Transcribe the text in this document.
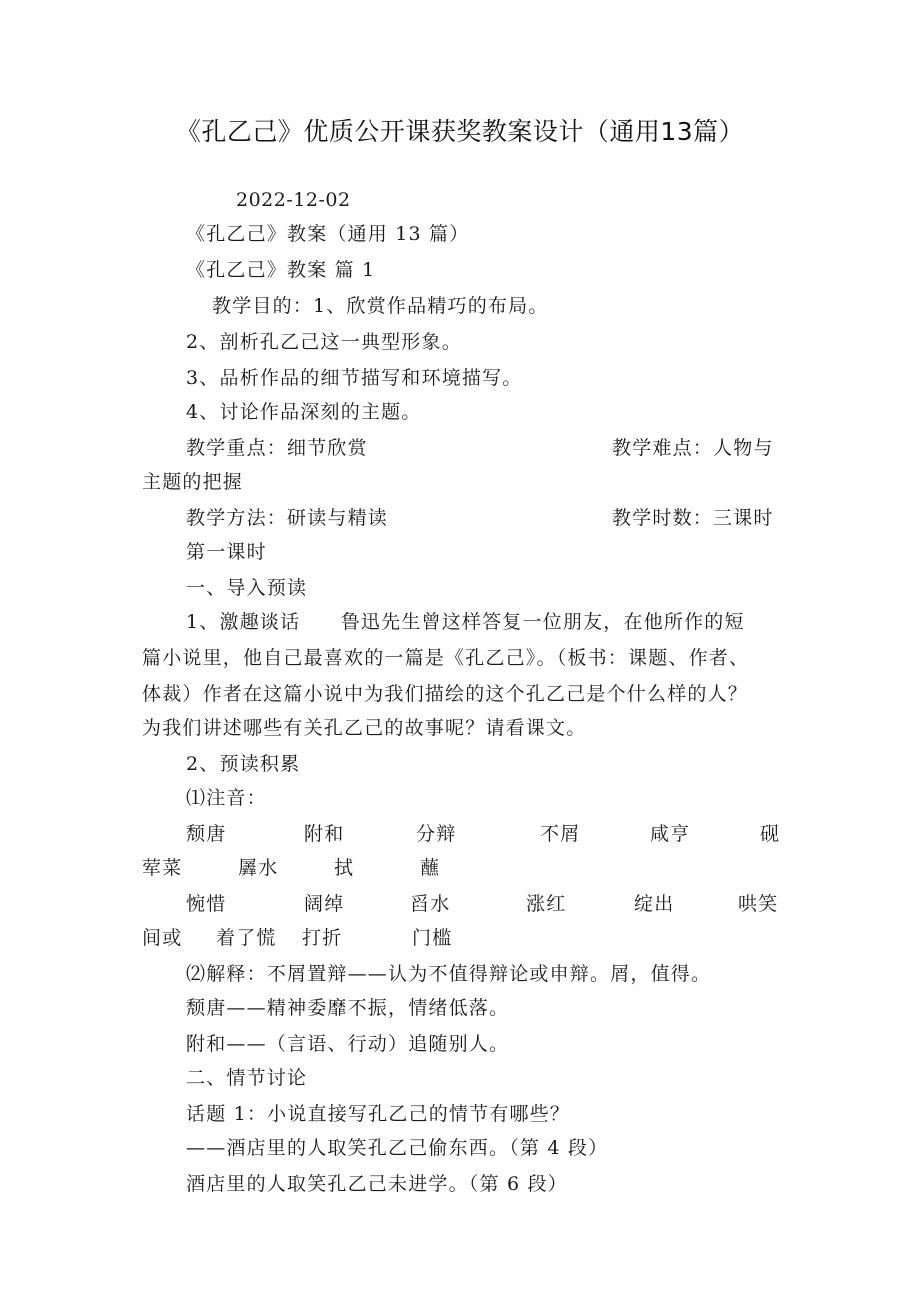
《孔乙己》优质公开课获奖教案设计（通用13篇）
2022-12-02
《孔乙己》教案（通用 13 篇）
《孔乙己》教案 篇 1
教学目的：1、欣赏作品精巧的布局。
2、剖析孔乙己这一典型形象。
3、品析作品的细节描写和环境描写。
4、讨论作品深刻的主题。
教学重点：细节欣赏	教学难点：人物与
主题的把握
教学方法：研读与精读	教学时数：三课时
第一课时
一、导入预读
1、激趣谈话　　鲁迅先生曾这样答复一位朋友，在他所作的短
篇小说里，他自己最喜欢的一篇是《孔乙己》。（板书：课题、作者、
体裁）作者在这篇小说中为我们描绘的这个孔乙己是个什么样的人？
为我们讲述哪些有关孔乙己的故事呢？请看课文。
2、预读积累
⑴注音：
颓唐	附和	分辩	不屑	咸亨	砚
荤菜	羼水	拭	蘸
惋惜	阔绰	舀水	涨红	绽出	哄笑
间或 着了慌 打折	门槛
⑵解释：不屑置辩——认为不值得辩论或申辩。屑，值得。
颓唐——精神委靡不振，情绪低落。
附和——（言语、行动）追随别人。
二、情节讨论
话题 1：小说直接写孔乙己的情节有哪些？
——酒店里的人取笑孔乙己偷东西。（第 4 段）
酒店里的人取笑孔乙己未进学。（第 6 段）
